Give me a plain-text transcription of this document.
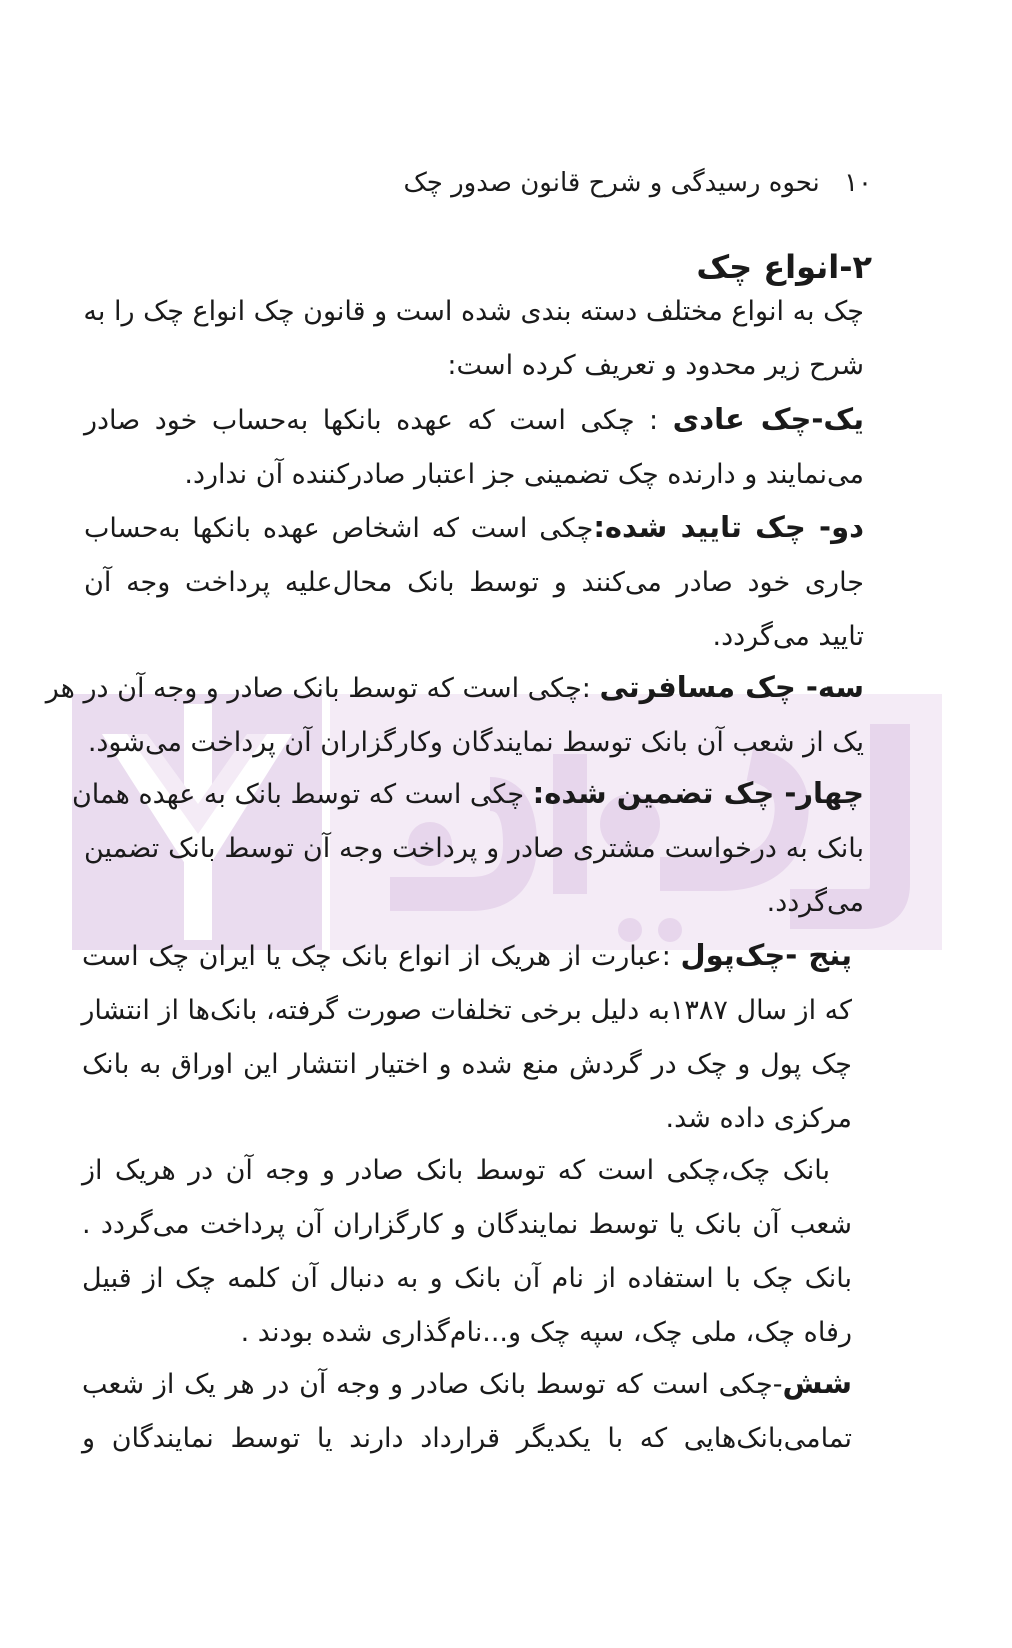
۱۰ نحوه رسیدگی و شرح قانون صدور چک
۲-انواع چک
چک به انواع مختلف دسته بندی شده است و قانون چک انواع چک را به
شرح زیر محدود و تعریف کرده است:
یک-چک عادی : چکی است که عهده بانکها به‌حساب خود صادر
می‌نمایند و دارنده چک تضمینی جز اعتبار صادرکننده آن ندارد.
دو- چک تایید شده:چکی است که اشخاص عهده بانکها به‌حساب
جاری خود صادر می‌کنند و توسط بانک محال‌علیه پرداخت وجه آن
تایید می‌گردد.
سه- چک مسافرتی :چکی است که توسط بانک صادر و وجه آن در هر
یک از شعب آن بانک توسط نمایندگان وکارگزاران آن پرداخت می‌شود.
چهار- چک تضمین شده: چکی است که توسط بانک به عهده همان
بانک به درخواست مشتری صادر و پرداخت وجه آن توسط بانک تضمین
می‌گردد.
پنج -چک‌پول :عبارت از هریک از انواع بانک چک یا ایران چک است
که از سال ۱۳۸۷به دلیل برخی تخلفات صورت گرفته، بانک‌ها از انتشار
چک پول و چک در گردش منع شده و اختیار انتشار این اوراق به بانک
مرکزی داده شد.
بانک چک،چکی است که توسط بانک صادر و وجه آن در هریک از
شعب آن بانک یا توسط نمایندگان و کارگزاران آن پرداخت می‌گردد .
بانک چک با استفاده از نام آن بانک و به دنبال آن کلمه چک از قبیل
رفاه چک، ملی چک، سپه چک و...نام‌گذاری شده بودند .
شش-چکی است که توسط بانک صادر و وجه آن در هر یک از شعب
تمامی‌بانک‌هایی که با یکدیگر قرارداد دارند یا توسط نمایندگان و
